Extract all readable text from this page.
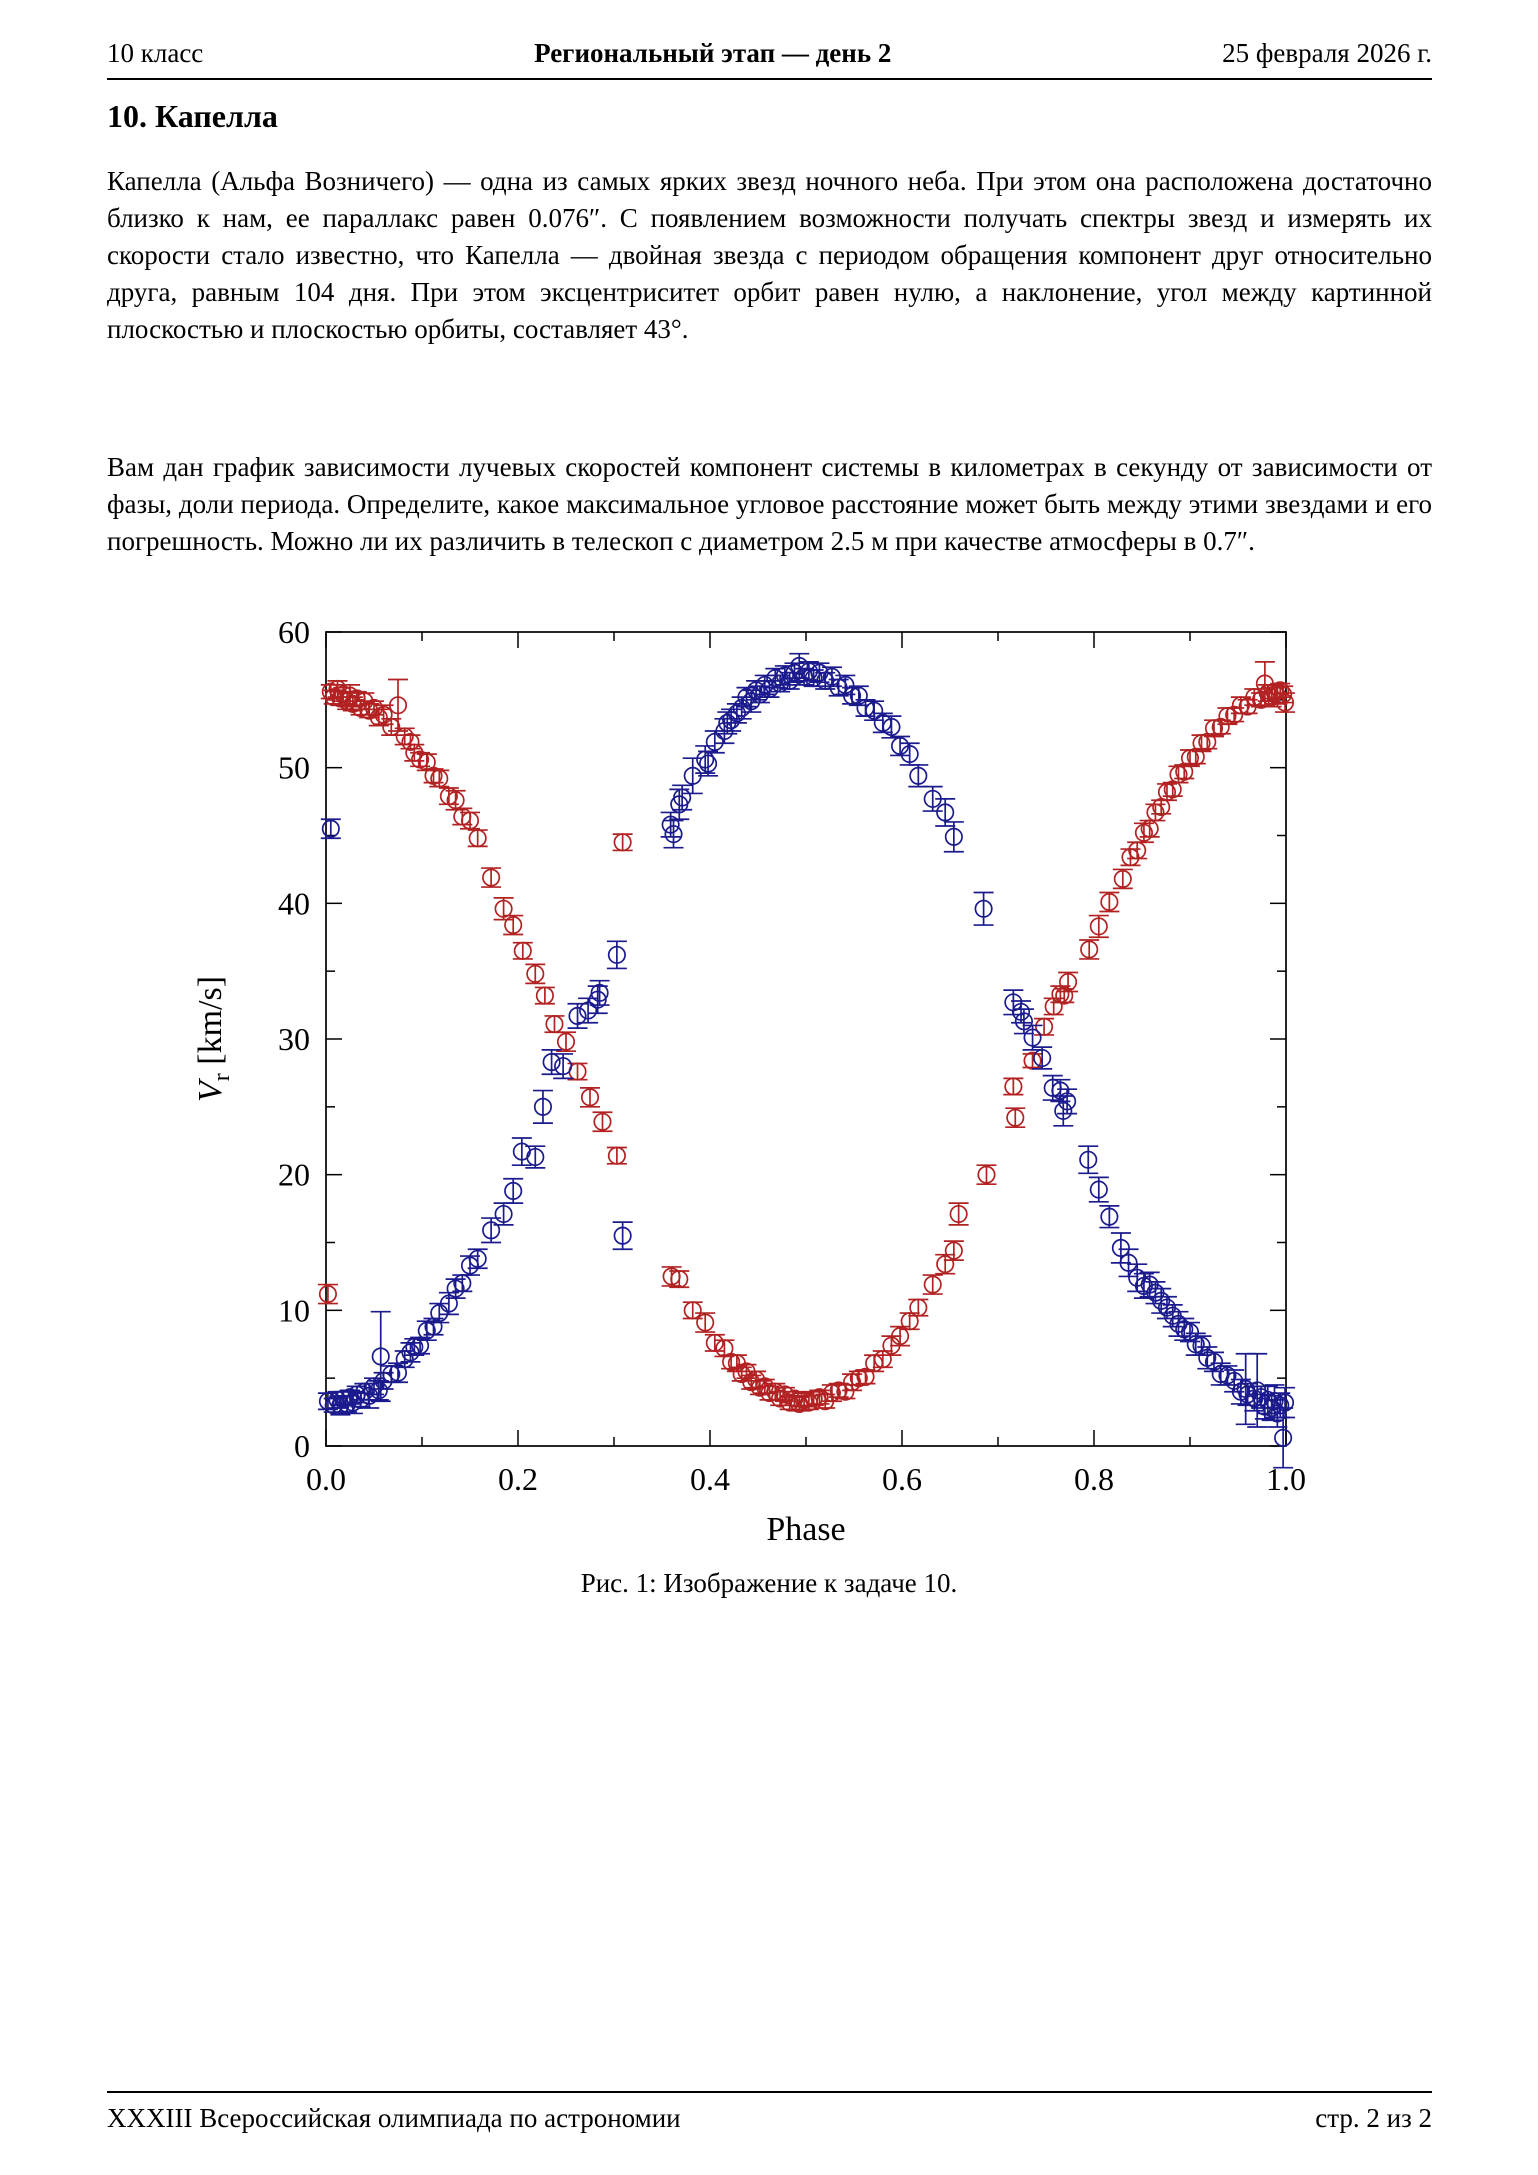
10 класс	Региональный этап — день 2	25 февраля 2026 г.
10. Капелла

Капелла (Альфа Возничего) — одна из самых ярких звезд ночного неба. При этом она расположена достаточно близко к нам, ее параллакс равен 0.076″. С появлением возможности получать спектры звезд и измерять их скорости стало известно, что Капелла — двойная звезда с периодом обращения компонент друг относительно друга, равным 104 дня. При этом эксцентриситет орбит равен нулю, а наклонение, угол между картинной плоскостью и плоскостью орбиты, составляет 43°.

Вам дан график зависимости лучевых скоростей компонент системы в километрах в секунду от зависимости от фазы, доли периода. Определите, какое максимальное угловое расстояние может быть между этими звездами и его погрешность. Можно ли их различить в телескоп с диаметром 2.5 м при качестве атмосферы в 0.7″.

0.0	0.2	0.4	0.6	0.8	1.0
0
10
20
30
40
50
60
Phase
$V_r$ [km/s]
Рис. 1: Изображение к задаче 10.
XXXIII Всероссийская олимпиада по астрономии	стр. 2 из 2
